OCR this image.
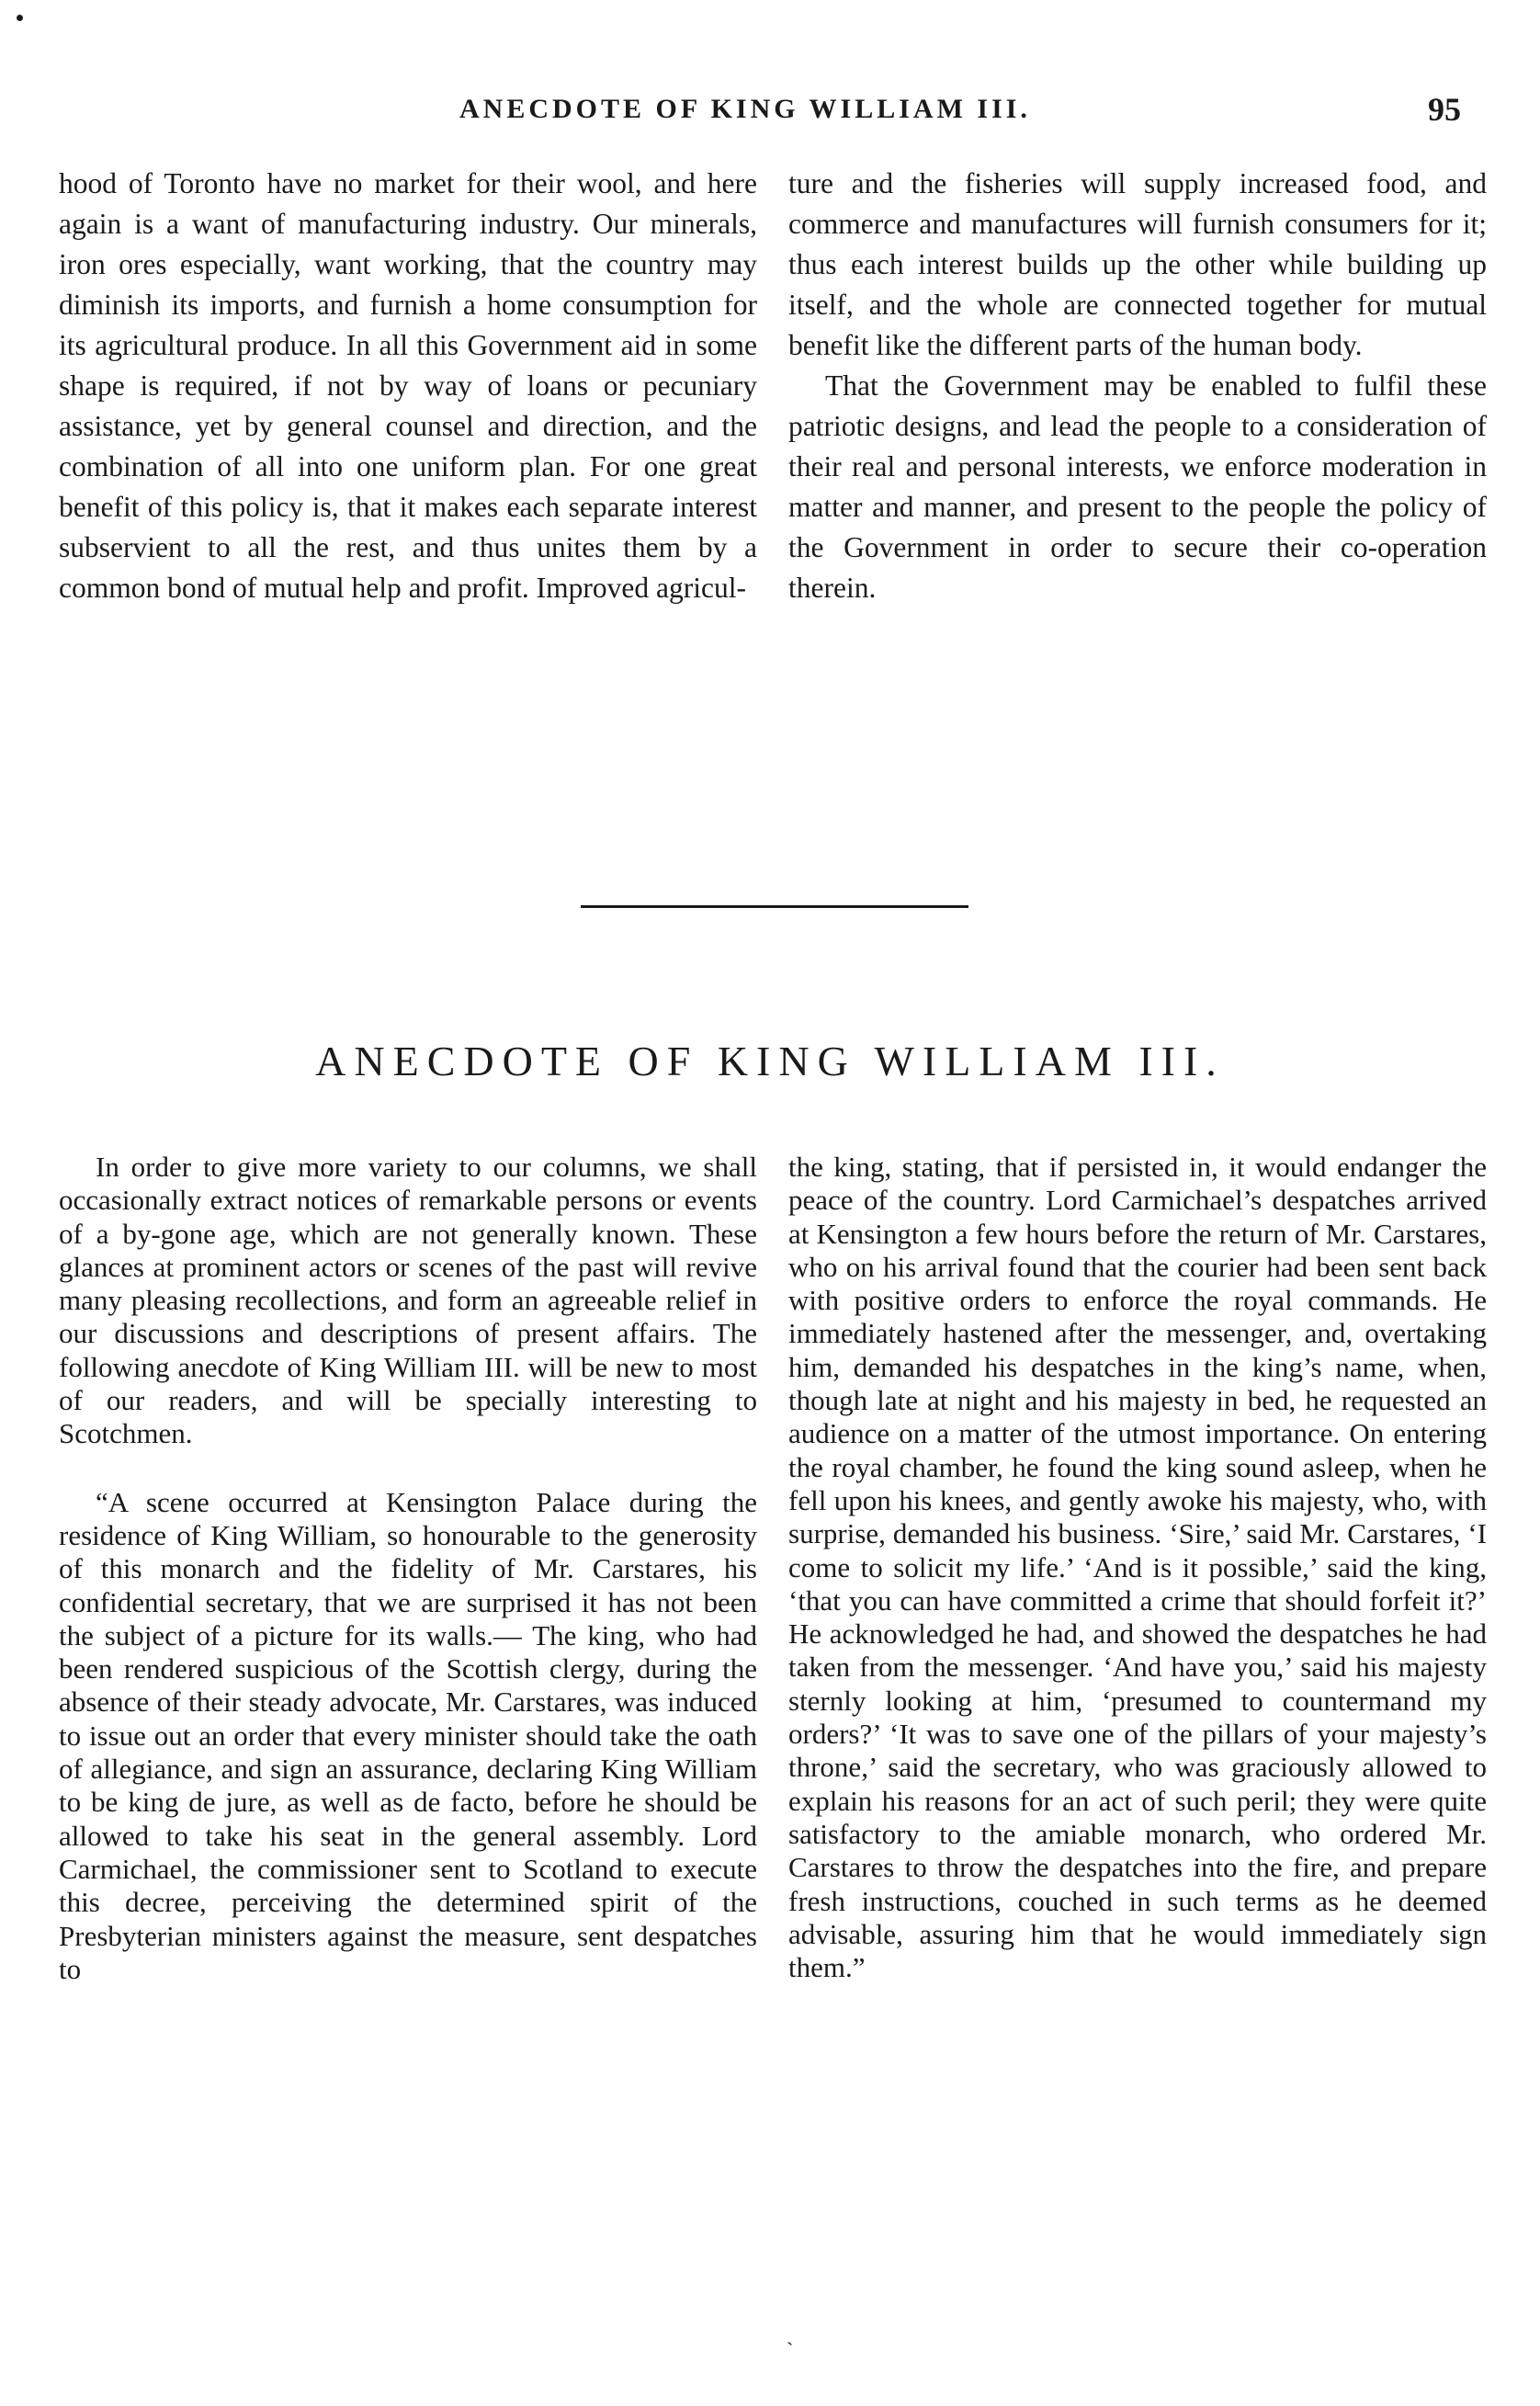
ANECDOTE OF KING WILLIAM III.	95

hood of Toronto have no market for their wool, and here again is a want of manufacturing industry. Our minerals, iron ores especially, want working, that the country may diminish its imports, and furnish a home consumption for its agricultural produce. In all this Government aid in some shape is required, if not by way of loans or pecuniary assistance, yet by general counsel and direction, and the combination of all into one uniform plan. For one great benefit of this policy is, that it makes each separate interest subservient to all the rest, and thus unites them by a common bond of mutual help and profit. Improved agricul-

ture and the fisheries will supply increased food, and commerce and manufactures will furnish consumers for it; thus each interest builds up the other while building up itself, and the whole are connected together for mutual benefit like the different parts of the human body.

That the Government may be enabled to fulfil these patriotic designs, and lead the people to a consideration of their real and personal interests, we enforce moderation in matter and manner, and present to the people the policy of the Government in order to secure their co-operation therein.

ANECDOTE OF KING WILLIAM III.

In order to give more variety to our columns, we shall occasionally extract notices of remarkable persons or events of a by-gone age, which are not generally known. These glances at prominent actors or scenes of the past will revive many pleasing recollections, and form an agreeable relief in our discussions and descriptions of present affairs. The following anecdote of King William III. will be new to most of our readers, and will be specially interesting to Scotchmen.

“A scene occurred at Kensington Palace during the residence of King William, so honourable to the generosity of this monarch and the fidelity of Mr. Carstares, his confidential secretary, that we are surprised it has not been the subject of a picture for its walls.— The king, who had been rendered suspicious of the Scottish clergy, during the absence of their steady advocate, Mr. Carstares, was induced to issue out an order that every minister should take the oath of allegiance, and sign an assurance, declaring King William to be king de jure, as well as de facto, before he should be allowed to take his seat in the general assembly. Lord Carmichael, the commissioner sent to Scotland to execute this decree, perceiving the determined spirit of the Presbyterian ministers against the measure, sent despatches to

the king, stating, that if persisted in, it would endanger the peace of the country. Lord Carmichael’s despatches arrived at Kensington a few hours before the return of Mr. Carstares, who on his arrival found that the courier had been sent back with positive orders to enforce the royal commands. He immediately hastened after the messenger, and, overtaking him, demanded his despatches in the king’s name, when, though late at night and his majesty in bed, he requested an audience on a matter of the utmost importance. On entering the royal chamber, he found the king sound asleep, when he fell upon his knees, and gently awoke his majesty, who, with surprise, demanded his business. ‘Sire,’ said Mr. Carstares, ‘I come to solicit my life.’ ‘And is it possible,’ said the king, ‘that you can have committed a crime that should forfeit it?’ He acknowledged he had, and showed the despatches he had taken from the messenger. ‘And have you,’ said his majesty sternly looking at him, ‘presumed to countermand my orders?’ ‘It was to save one of the pillars of your majesty’s throne,’ said the secretary, who was graciously allowed to explain his reasons for an act of such peril; they were quite satisfactory to the amiable monarch, who ordered Mr. Carstares to throw the despatches into the fire, and prepare fresh instructions, couched in such terms as he deemed advisable, assuring him that he would immediately sign them.”

ˏ
